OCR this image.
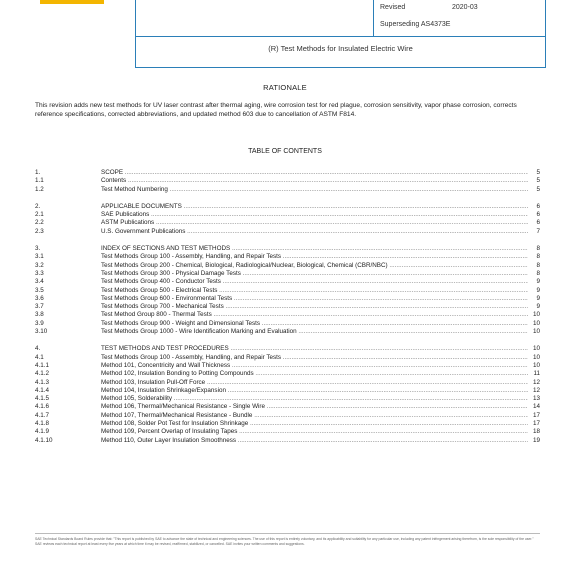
Revised	2020-03
Superseding AS4373E
(R) Test Methods for Insulated Electric Wire
RATIONALE
This revision adds new test methods for UV laser contrast after thermal aging, wire corrosion test for red plague, corrosion sensitivity, vapor phase corrosion, corrects reference specifications, corrected abbreviations, and updated method 603 due to cancellation of ASTM F814.
TABLE OF CONTENTS
1.	SCOPE .....	5
1.1	Contents .....	5
1.2	Test Method Numbering .....	5
2.	APPLICABLE DOCUMENTS .....	6
2.1	SAE Publications .....	6
2.2	ASTM Publications .....	6
2.3	U.S. Government Publications .....	7
3.	INDEX OF SECTIONS AND TEST METHODS .....	8
3.1	Test Methods Group 100 - Assembly, Handling, and Repair Tests .....	8
3.2	Test Methods Group 200 - Chemical, Biological, Radiological/Nuclear, Biological, Chemical (CBR/NBC) .....	8
3.3	Test Methods Group 300 - Physical Damage Tests .....	8
3.4	Test Methods Group 400 - Conductor Tests .....	9
3.5	Test Methods Group 500 - Electrical Tests .....	9
3.6	Test Methods Group 600 - Environmental Tests .....	9
3.7	Test Methods Group 700 - Mechanical Tests .....	9
3.8	Test Method Group 800 - Thermal Tests .....	10
3.9	Test Methods Group 900 - Weight and Dimensional Tests .....	10
3.10	Test Methods Group 1000 - Wire Identification Marking and Evaluation .....	10
4.	TEST METHODS AND TEST PROCEDURES .....	10
4.1	Test Methods Group 100 - Assembly, Handling, and Repair Tests .....	10
4.1.1	Method 101, Concentricity and Wall Thickness .....	10
4.1.2	Method 102, Insulation Bonding to Potting Compounds .....	11
4.1.3	Method 103, Insulation Pull-Off Force .....	12
4.1.4	Method 104, Insulation Shrinkage/Expansion .....	12
4.1.5	Method 105, Solderability .....	13
4.1.6	Method 106, Thermal/Mechanical Resistance - Single Wire .....	14
4.1.7	Method 107, Thermal/Mechanical Resistance - Bundle .....	17
4.1.8	Method 108, Solder Pot Test for Insulation Shrinkage .....	17
4.1.9	Method 109, Percent Overlap of Insulating Tapes .....	18
4.1.10	Method 110, Outer Layer Insulation Smoothness .....	19
SAE Technical Standards Board Rules provide that: "This report is published by SAE to advance the state of technical and engineering sciences. The use of this report is entirely voluntary, and its applicability and suitability for any particular use, including any patent infringement arising therefrom, is the sole responsibility of the user."
SAE reviews each technical report at least every five years at which time it may be revised, reaffirmed, stabilized, or cancelled. SAE invites your written comments and suggestions.
